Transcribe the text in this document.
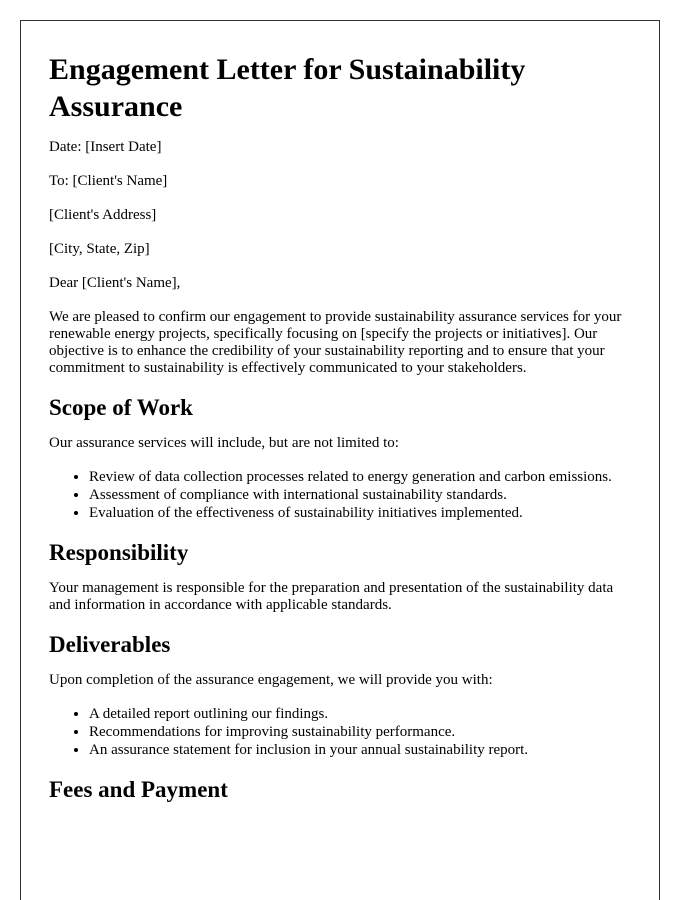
Engagement Letter for Sustainability Assurance

Date: [Insert Date]

To: [Client's Name]

[Client's Address]

[City, State, Zip]

Dear [Client's Name],

We are pleased to confirm our engagement to provide sustainability assurance services for your renewable energy projects, specifically focusing on [specify the projects or initiatives]. Our objective is to enhance the credibility of your sustainability reporting and to ensure that your commitment to sustainability is effectively communicated to your stakeholders.

Scope of Work

Our assurance services will include, but are not limited to:

• Review of data collection processes related to energy generation and carbon emissions.
• Assessment of compliance with international sustainability standards.
• Evaluation of the effectiveness of sustainability initiatives implemented.
Responsibility

Your management is responsible for the preparation and presentation of the sustainability data and information in accordance with applicable standards.

Deliverables

Upon completion of the assurance engagement, we will provide you with:

• A detailed report outlining our findings.
• Recommendations for improving sustainability performance.
• An assurance statement for inclusion in your annual sustainability report.
Fees and Payment
